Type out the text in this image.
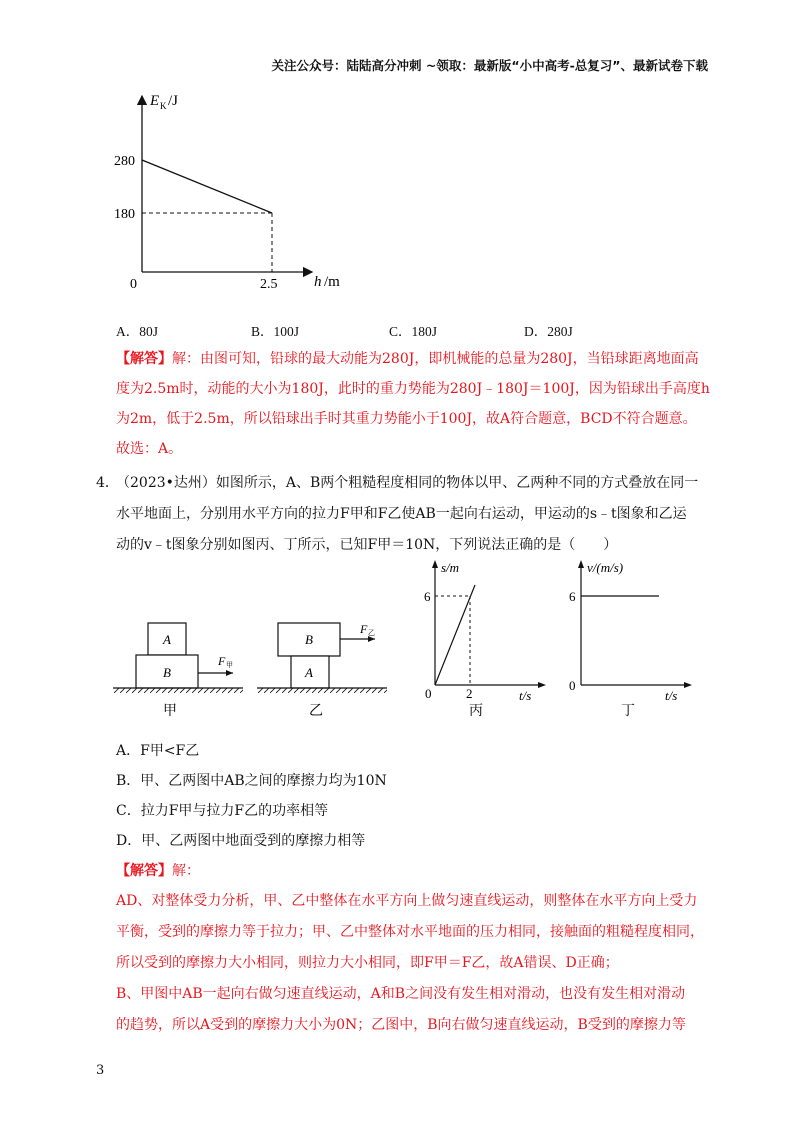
关注公众号：陆陆高分冲刺 ~领取：最新版“小中高考-总复习”、最新试卷下载
E K /J
280
180
0	2.5 h /m
A．80J	B．100J	C．180J	D．280J
【解答】解：由图可知，铅球的最大动能为280J，即机械能的总量为280J，当铅球距离地面高
度为2.5m时，动能的大小为180J，此时的重力势能为280J﹣180J＝100J，因为铅球出手高度h
为2m，低于2.5m，所以铅球出手时其重力势能小于100J，故A符合题意，BCD不符合题意。
故选：A。
4．
（2023•达州）如图所示，A、B两个粗糙程度相同的物体以甲、乙两种不同的方式叠放在同一
水平地面上，分别用水平方向的拉力F甲和F乙使AB一起向右运动，甲运动的s﹣t图象和乙运
动的v﹣t图象分别如图丙、丁所示，已知F甲＝10N，下列说法正确的是（　　）
A
B
F 甲
甲
B
A
F 乙
乙
s/m
6
0	2	t/s
丙
v/(m/s)
6
0
t/s
丁
A．F甲<F乙
B．甲、乙两图中AB之间的摩擦力均为10N
C．拉力F甲与拉力F乙的功率相等
D．甲、乙两图中地面受到的摩擦力相等
【解答】解：
AD、对整体受力分析，甲、乙中整体在水平方向上做匀速直线运动，则整体在水平方向上受力
平衡，受到的摩擦力等于拉力；甲、乙中整体对水平地面的压力相同，接触面的粗糙程度相同，
所以受到的摩擦力大小相同，则拉力大小相同，即F甲＝F乙，故A错误、D正确；
B、甲图中AB一起向右做匀速直线运动，A和B之间没有发生相对滑动，也没有发生相对滑动
的趋势，所以A受到的摩擦力大小为0N；乙图中，B向右做匀速直线运动，B受到的摩擦力等
3
